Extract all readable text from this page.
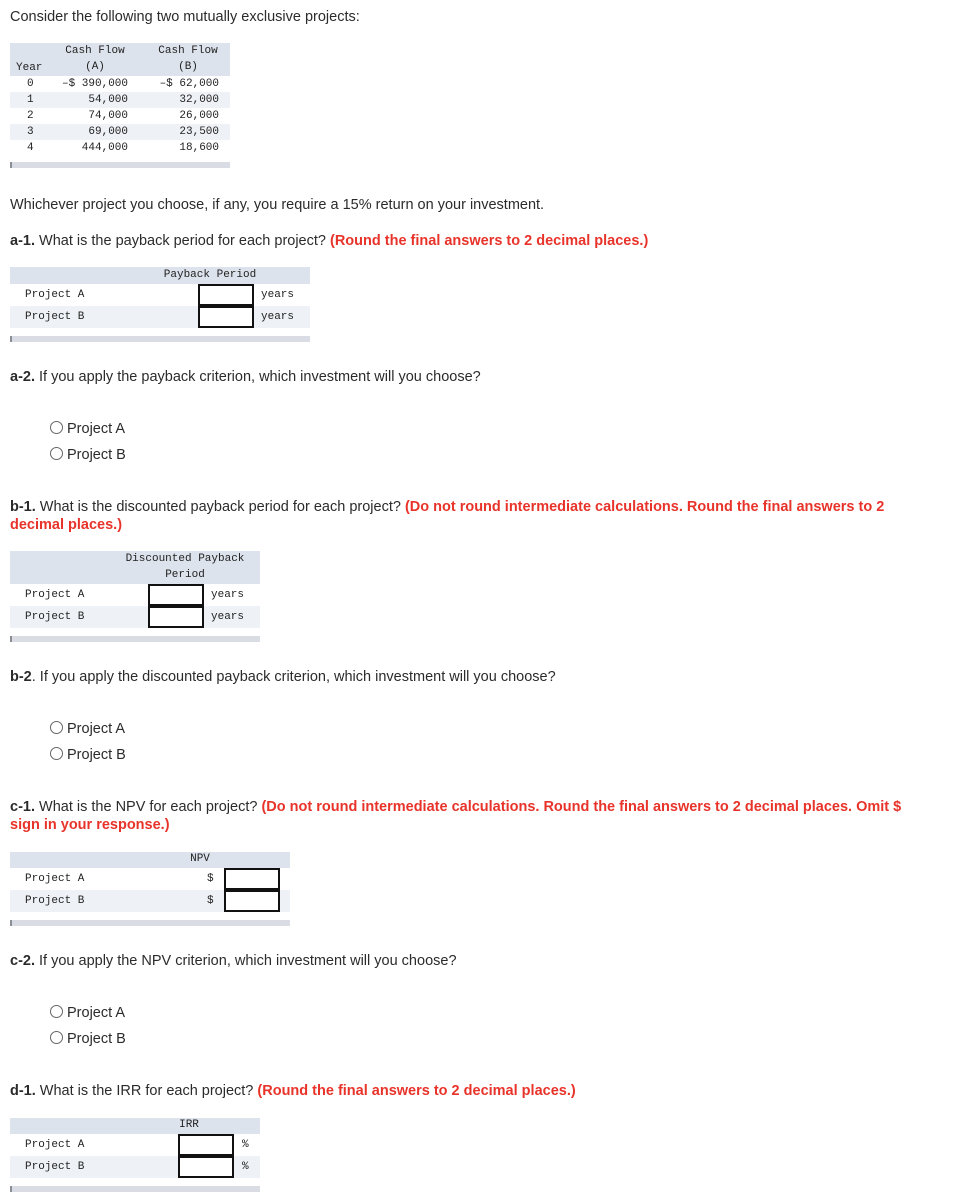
Consider the following two mutually exclusive projects:
Year
Cash Flow
(A)
Cash Flow
(B)
0	–$ 390,000	–$ 62,000
1	54,000	32,000
2	74,000	26,000
3	69,000	23,500
4	444,000	18,600
Whichever project you choose, if any, you require a 15% return on your investment.
a-1. What is the payback period for each project? (Round the final answers to 2 decimal places.)
Payback Period
Project A
Project B
years
years
a-2. If you apply the payback criterion, which investment will you choose?
Project A
Project B
b-1. What is the discounted payback period for each project? (Do not round intermediate calculations. Round the final answers to 2
decimal places.)
Discounted Payback
Period
Project A
Project B
years
years
b-2. If you apply the discounted payback criterion, which investment will you choose?
Project A
Project B
c-1. What is the NPV for each project? (Do not round intermediate calculations. Round the final answers to 2 decimal places. Omit $
sign in your response.)
NPV
Project A
Project B
$
$
c-2. If you apply the NPV criterion, which investment will you choose?
Project A
Project B
d-1. What is the IRR for each project? (Round the final answers to 2 decimal places.)
IRR
Project A
Project B
%
%
